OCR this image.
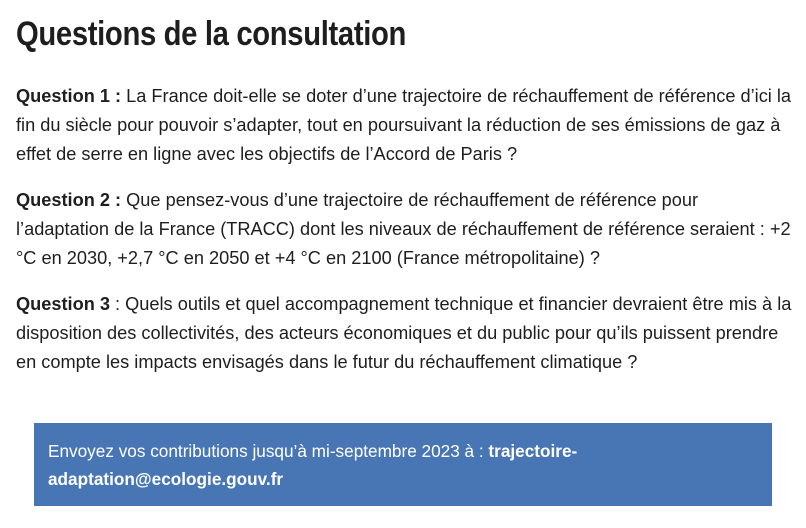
Questions de la consultation

Question 1 : La France doit-elle se doter d’une trajectoire de réchauffement de référence d’ici la fin du siècle pour pouvoir s’adapter, tout en poursuivant la réduction de ses émissions de gaz à effet de serre en ligne avec les objectifs de l’Accord de Paris ?

Question 2 : Que pensez-vous d’une trajectoire de réchauffement de référence pour l’adaptation de la France (TRACC) dont les niveaux de réchauffement de référence seraient : +2 °C en 2030, +2,7 °C en 2050 et +4 °C en 2100 (France métropolitaine) ?

Question 3 : Quels outils et quel accompagnement technique et financier devraient être mis à la disposition des collectivités, des acteurs économiques et du public pour qu’ils puissent prendre en compte les impacts envisagés dans le futur du réchauffement climatique ?

Envoyez vos contributions jusqu’à mi-septembre 2023 à : trajectoire-adaptation@ecologie.gouv.fr
